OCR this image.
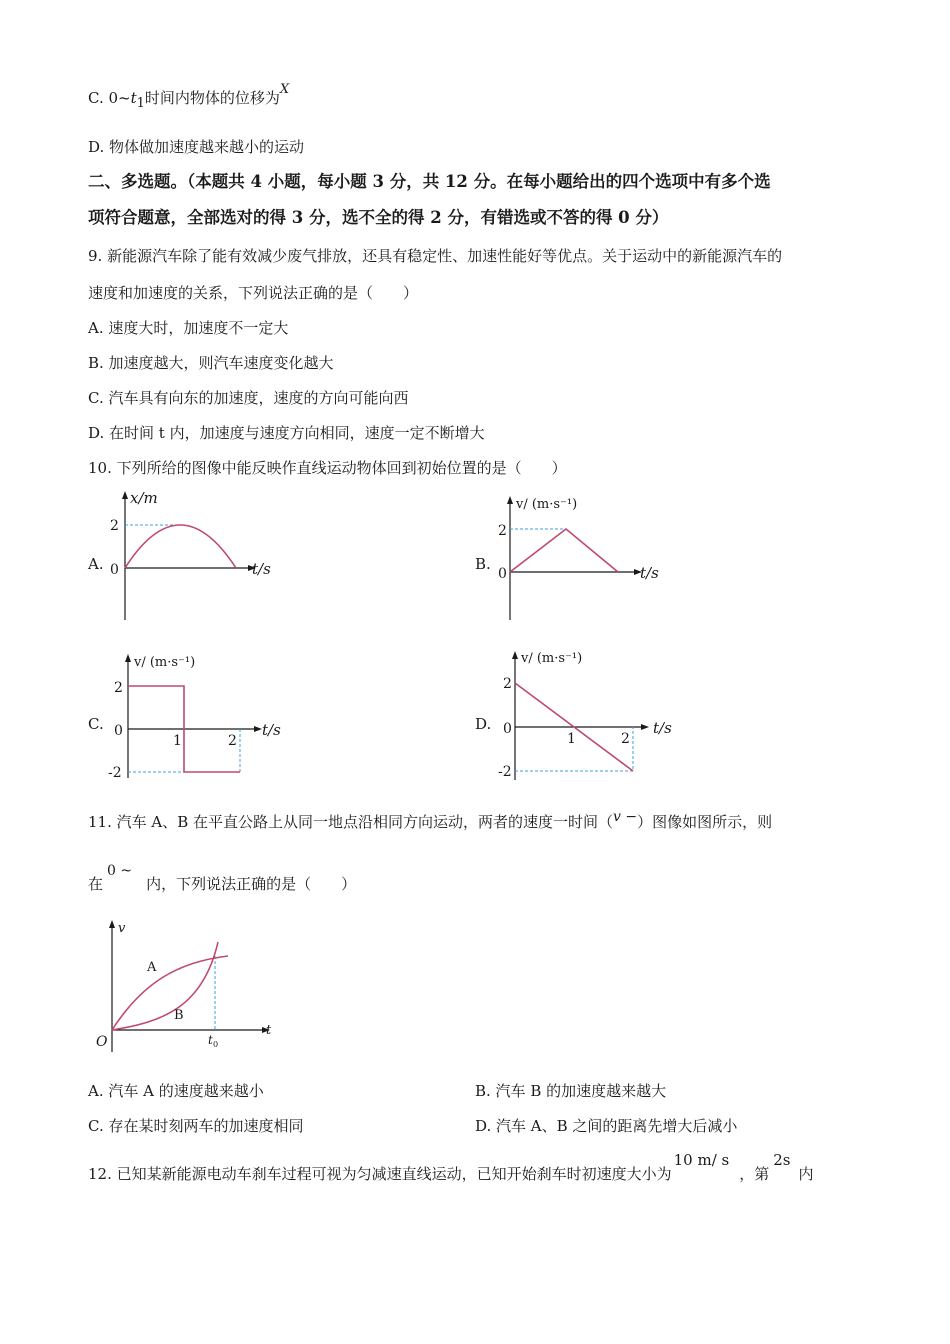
C. $0\sim t_1$时间内物体的位移为X
D. 物体做加速度越来越小的运动
二、多选题。（本题共 4 小题，每小题 3 分，共 12 分。在每小题给出的四个选项中有多个选
项符合题意，全部选对的得 3 分，选不全的得 2 分，有错选或不答的得 0 分）
9. 新能源汽车除了能有效减少废气排放，还具有稳定性、加速性能好等优点。关于运动中的新能源汽车的
速度和加速度的关系，下列说法正确的是（　　）
A. 速度大时，加速度不一定大
B. 加速度越大，则汽车速度变化越大
C. 汽车具有向东的加速度，速度的方向可能向西
D. 在时间 t 内，加速度与速度方向相同，速度一定不断增大
10. 下列所给的图像中能反映作直线运动物体回到初始位置的是（　　）
A.
x/m
2
0	t/s	B.
v/ (m·s⁻¹)
2
0	t/s
C.
v/ (m·s⁻¹)
2
0
1	2
-2
t/s	D.
v/ (m·s⁻¹)
2
0
1	2
-2
t/s
11. 汽车 A、B 在平直公路上从同一地点沿相同方向运动，两者的速度一时间（v −）图像如图所示，则
在0 ~内，下列说法正确的是（　　）
v
t
O
A
B
t 0
A. 汽车 A 的速度越来越小	B. 汽车 B 的加速度越来越大
C. 存在某时刻两车的加速度相同	D. 汽车 A、B 之间的距离先增大后减小
12. 已知某新能源电动车刹车过程可视为匀减速直线运动，已知开始刹车时初速度大小为10 m/ s，第2s内
